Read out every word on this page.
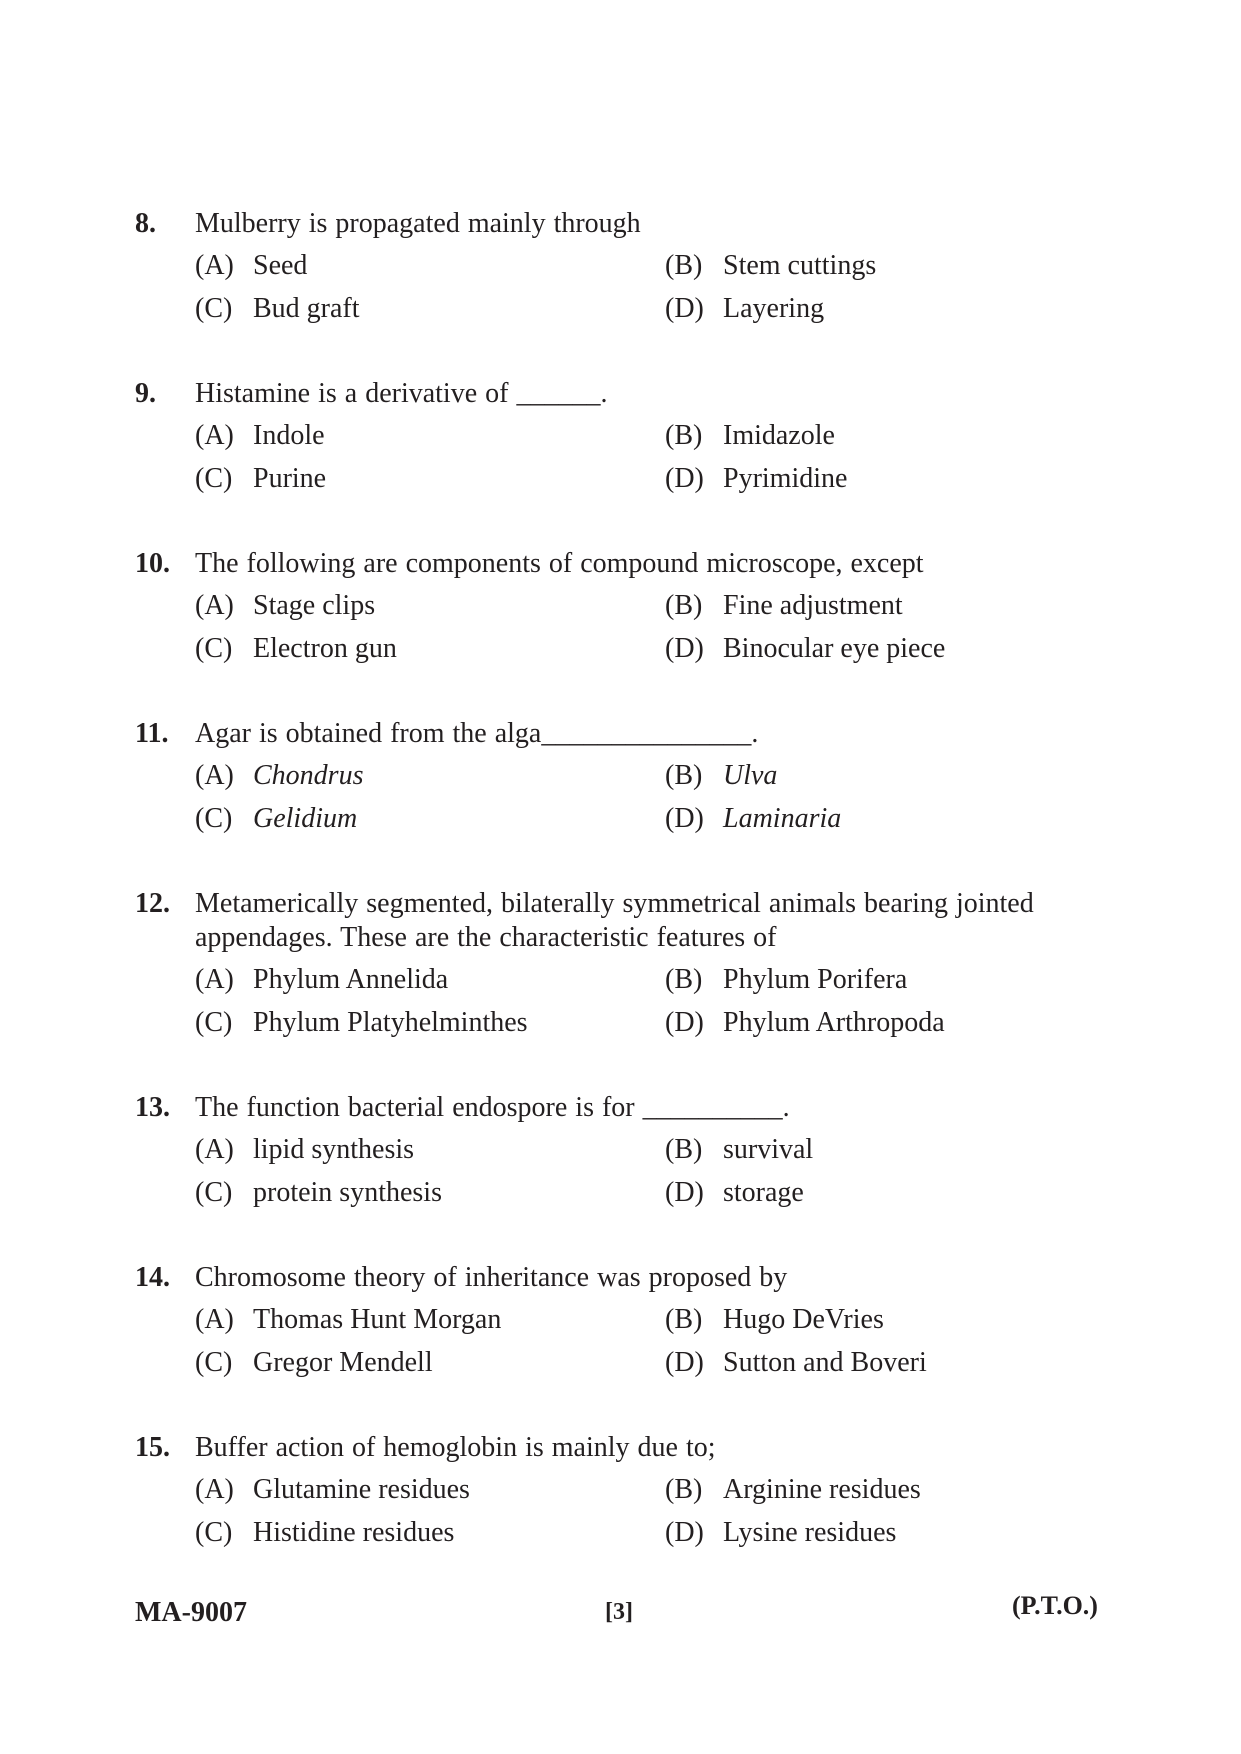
8.	Mulberry is propagated mainly through
(A) Seed	(B) Stem cuttings
(C) Bud graft	(D) Layering
9.	Histamine is a derivative of ______.
(A) Indole	(B) Imidazole
(C) Purine	(D) Pyrimidine
10. The following are components of compound microscope, except
(A) Stage clips	(B) Fine adjustment
(C) Electron gun	(D) Binocular eye piece
11. Agar is obtained from the alga_______________.
(A) Chondrus	(B) Ulva
(C) Gelidium	(D) Laminaria
12. Metamerically segmented, bilaterally symmetrical animals bearing jointed appendages. These are the characteristic features of
(A) Phylum Annelida	(B) Phylum Porifera
(C) Phylum Platyhelminthes	(D) Phylum Arthropoda
13. The function bacterial endospore is for __________.
(A) lipid synthesis	(B) survival
(C) protein synthesis	(D) storage
14. Chromosome theory of inheritance was proposed by
(A) Thomas Hunt Morgan	(B) Hugo DeVries
(C) Gregor Mendell	(D) Sutton and Boveri
15. Buffer action of hemoglobin is mainly due to;
(A) Glutamine residues	(B) Arginine residues
(C) Histidine residues	(D) Lysine residues
MA-9007	[3]	(P.T.O.)
